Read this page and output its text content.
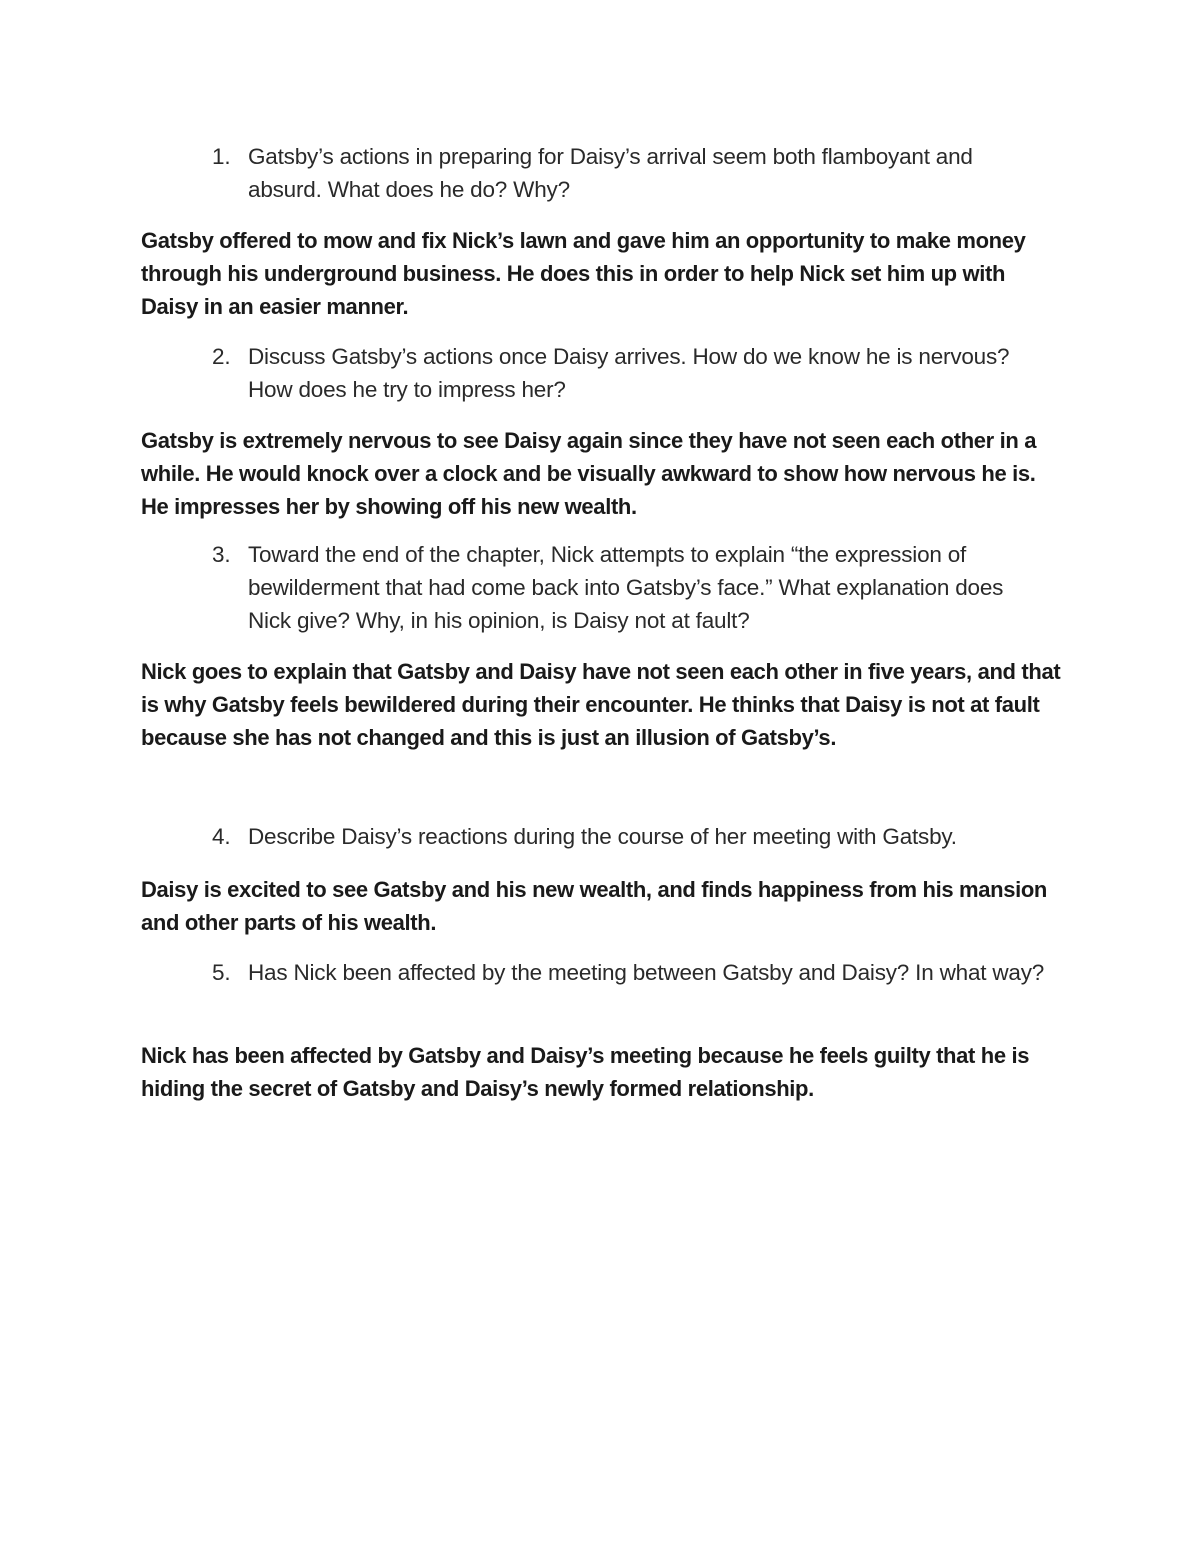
1. Gatsby’s actions in preparing for Daisy’s arrival seem both flamboyant and absurd. What does he do? Why?
Gatsby offered to mow and fix Nick’s lawn and gave him an opportunity to make money through his underground business. He does this in order to help Nick set him up with Daisy in an easier manner.
2. Discuss Gatsby’s actions once Daisy arrives. How do we know he is nervous? How does he try to impress her?
Gatsby is extremely nervous to see Daisy again since they have not seen each other in a while. He would knock over a clock and be visually awkward to show how nervous he is. He impresses her by showing off his new wealth.
3. Toward the end of the chapter, Nick attempts to explain “the expression of bewilderment that had come back into Gatsby’s face.” What explanation does Nick give? Why, in his opinion, is Daisy not at fault?
Nick goes to explain that Gatsby and Daisy have not seen each other in five years, and that is why Gatsby feels bewildered during their encounter. He thinks that Daisy is not at fault because she has not changed and this is just an illusion of Gatsby’s.
4. Describe Daisy’s reactions during the course of her meeting with Gatsby.
Daisy is excited to see Gatsby and his new wealth, and finds happiness from his mansion and other parts of his wealth.
5. Has Nick been affected by the meeting between Gatsby and Daisy? In what way?
Nick has been affected by Gatsby and Daisy’s meeting because he feels guilty that he is hiding the secret of Gatsby and Daisy’s newly formed relationship.
